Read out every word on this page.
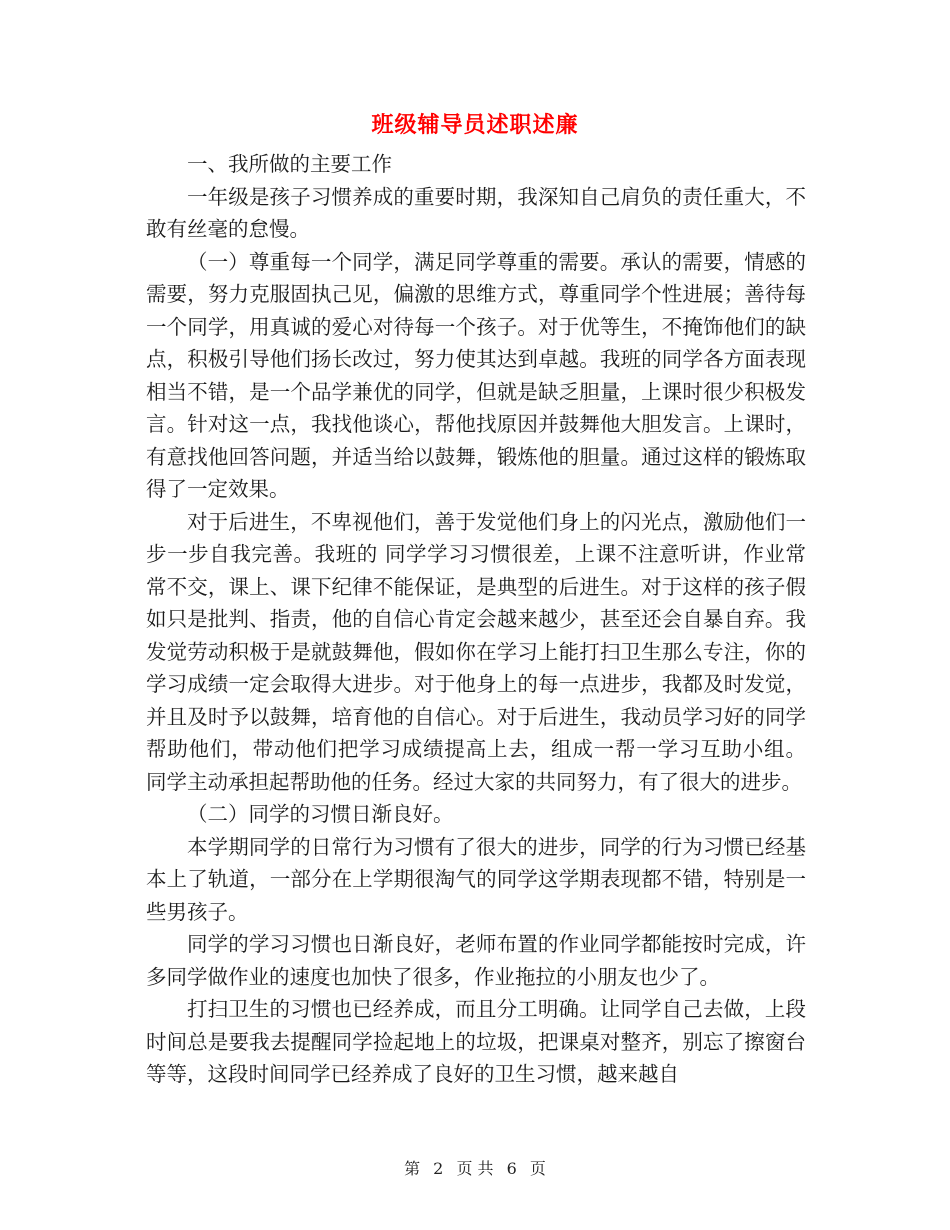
班级辅导员述职述廉

一、我所做的主要工作

一年级是孩子习惯养成的重要时期，我深知自己肩负的责任重大，不敢有丝毫的怠慢。

（一）尊重每一个同学，满足同学尊重的需要。承认的需要，情感的需要，努力克服固执己见，偏激的思维方式，尊重同学个性进展；善待每一个同学，用真诚的爱心对待每一个孩子。对于优等生，不掩饰他们的缺点，积极引导他们扬长改过，努力使其达到卓越。我班的同学各方面表现相当不错，是一个品学兼优的同学，但就是缺乏胆量，上课时很少积极发言。针对这一点，我找他谈心，帮他找原因并鼓舞他大胆发言。上课时，有意找他回答问题，并适当给以鼓舞，锻炼他的胆量。通过这样的锻炼取得了一定效果。

对于后进生，不卑视他们，善于发觉他们身上的闪光点，激励他们一步一步自我完善。我班的 同学学习习惯很差，上课不注意听讲，作业常常不交，课上、课下纪律不能保证，是典型的后进生。对于这样的孩子假如只是批判、指责，他的自信心肯定会越来越少，甚至还会自暴自弃。我发觉劳动积极于是就鼓舞他，假如你在学习上能打扫卫生那么专注，你的学习成绩一定会取得大进步。对于他身上的每一点进步，我都及时发觉，并且及时予以鼓舞，培育他的自信心。对于后进生，我动员学习好的同学帮助他们，带动他们把学习成绩提高上去，组成一帮一学习互助小组。 同学主动承担起帮助他的任务。经过大家的共同努力，有了很大的进步。

（二）同学的习惯日渐良好。

本学期同学的日常行为习惯有了很大的进步，同学的行为习惯已经基本上了轨道，一部分在上学期很淘气的同学这学期表现都不错，特别是一些男孩子。

同学的学习习惯也日渐良好，老师布置的作业同学都能按时完成，许多同学做作业的速度也加快了很多，作业拖拉的小朋友也少了。

打扫卫生的习惯也已经养成，而且分工明确。让同学自己去做，上段时间总是要我去提醒同学捡起地上的垃圾，把课桌对整齐，别忘了擦窗台等等，这段时间同学已经养成了良好的卫生习惯，越来越自

第 2 页 共 6 页
